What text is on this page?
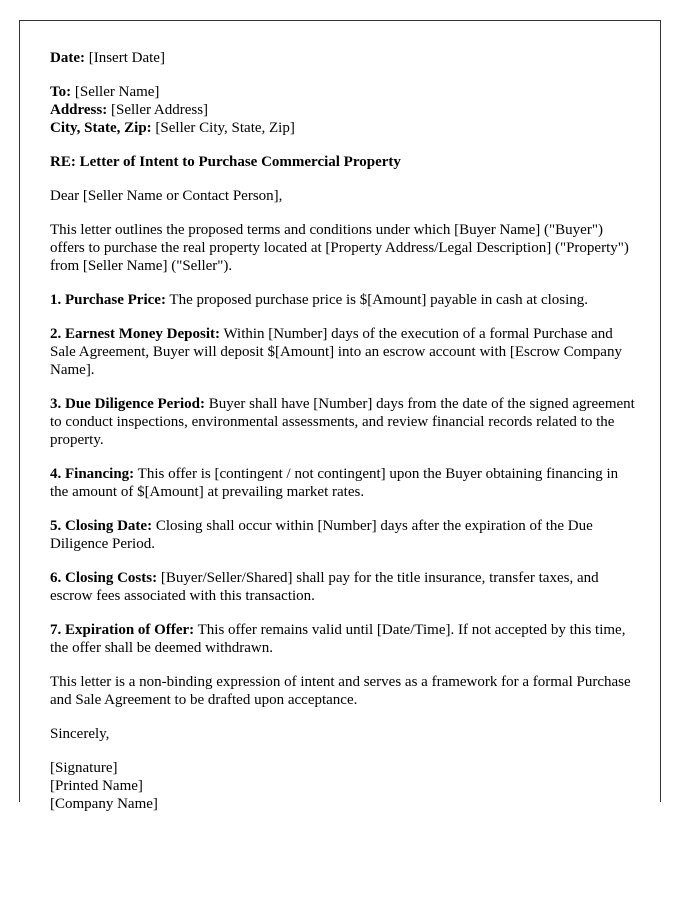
Date: [Insert Date]
To: [Seller Name]
Address: [Seller Address]
City, State, Zip: [Seller City, State, Zip]
RE: Letter of Intent to Purchase Commercial Property
Dear [Seller Name or Contact Person],
This letter outlines the proposed terms and conditions under which [Buyer Name] ("Buyer") offers to purchase the real property located at [Property Address/Legal Description] ("Property") from [Seller Name] ("Seller").
1. Purchase Price: The proposed purchase price is $[Amount] payable in cash at closing.
2. Earnest Money Deposit: Within [Number] days of the execution of a formal Purchase and Sale Agreement, Buyer will deposit $[Amount] into an escrow account with [Escrow Company Name].
3. Due Diligence Period: Buyer shall have [Number] days from the date of the signed agreement to conduct inspections, environmental assessments, and review financial records related to the property.
4. Financing: This offer is [contingent / not contingent] upon the Buyer obtaining financing in the amount of $[Amount] at prevailing market rates.
5. Closing Date: Closing shall occur within [Number] days after the expiration of the Due Diligence Period.
6. Closing Costs: [Buyer/Seller/Shared] shall pay for the title insurance, transfer taxes, and escrow fees associated with this transaction.
7. Expiration of Offer: This offer remains valid until [Date/Time]. If not accepted by this time, the offer shall be deemed withdrawn.
This letter is a non-binding expression of intent and serves as a framework for a formal Purchase and Sale Agreement to be drafted upon acceptance.
Sincerely,
[Signature]
[Printed Name]
[Company Name]
